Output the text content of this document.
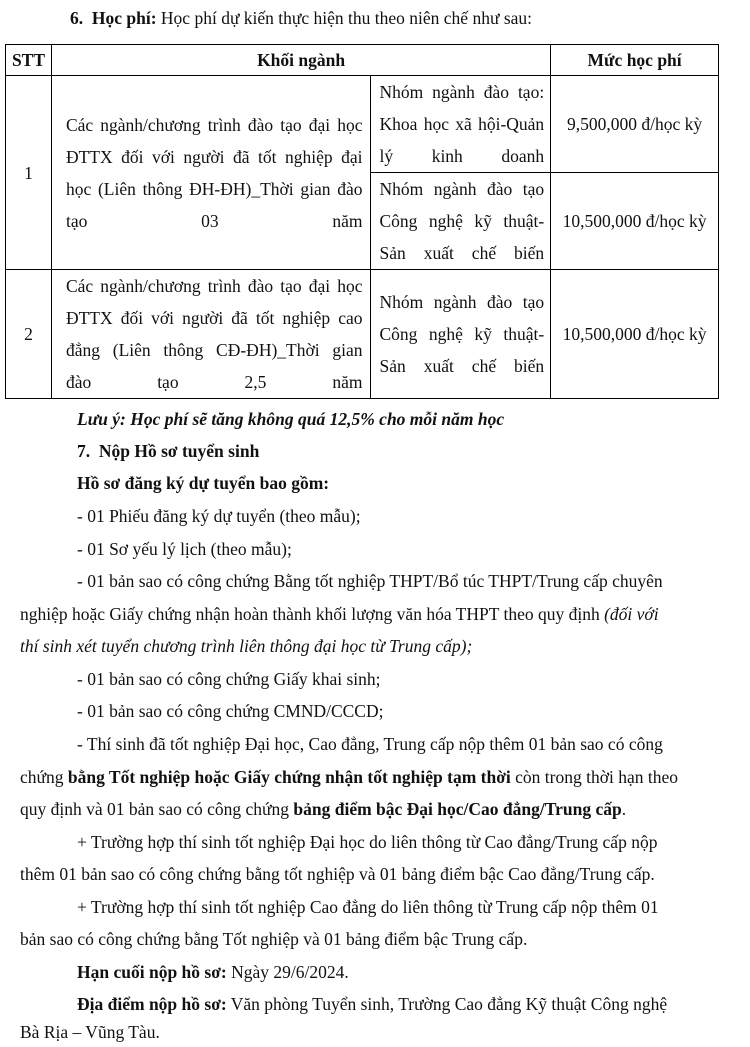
6. Học phí: Học phí dự kiến thực hiện thu theo niên chế như sau:
STT	Khối ngành		Mức học phí
1	Các ngành/chương trình đào tạo đại học
ĐTTX đối với người đã tốt nghiệp đại
học (Liên thông ĐH-ĐH)_Thời gian đào
tạo 03 năm	Nhóm ngành đào tạo:
Khoa học xã hội-Quản
lý kinh doanh	9,500,000 đ/học kỳ

		Nhóm ngành đào tạo
Công nghệ kỹ thuật-
Sản xuất chế biến	10,500,000 đ/học kỳ
2	Các ngành/chương trình đào tạo đại học
ĐTTX đối với người đã tốt nghiệp cao
đẳng (Liên thông CĐ-ĐH)_Thời gian
đào tạo 2,5 năm	Nhóm ngành đào tạo
Công nghệ kỹ thuật-
Sản xuất chế biến	10,500,000 đ/học kỳ
Lưu ý: Học phí sẽ tăng không quá 12,5% cho mỗi năm học
7. Nộp Hồ sơ tuyển sinh
Hồ sơ đăng ký dự tuyển bao gồm:
- 01 Phiếu đăng ký dự tuyển (theo mẫu);
- 01 Sơ yếu lý lịch (theo mẫu);
- 01 bản sao có công chứng Bằng tốt nghiệp THPT/Bổ túc THPT/Trung cấp chuyên
nghiệp hoặc Giấy chứng nhận hoàn thành khối lượng văn hóa THPT theo quy định (đối với
thí sinh xét tuyển chương trình liên thông đại học từ Trung cấp);
- 01 bản sao có công chứng Giấy khai sinh;
- 01 bản sao có công chứng CMND/CCCD;
- Thí sinh đã tốt nghiệp Đại học, Cao đẳng, Trung cấp nộp thêm 01 bản sao có công
chứng bằng Tốt nghiệp hoặc Giấy chứng nhận tốt nghiệp tạm thời còn trong thời hạn theo
quy định và 01 bản sao có công chứng bảng điểm bậc Đại học/Cao đẳng/Trung cấp.
+ Trường hợp thí sinh tốt nghiệp Đại học do liên thông từ Cao đẳng/Trung cấp nộp
thêm 01 bản sao có công chứng bằng tốt nghiệp và 01 bảng điểm bậc Cao đẳng/Trung cấp.
+ Trường hợp thí sinh tốt nghiệp Cao đẳng do liên thông từ Trung cấp nộp thêm 01
bản sao có công chứng bằng Tốt nghiệp và 01 bảng điểm bậc Trung cấp.
Hạn cuối nộp hồ sơ: Ngày 29/6/2024.
Địa điểm nộp hồ sơ: Văn phòng Tuyển sinh, Trường Cao đẳng Kỹ thuật Công nghệ
Bà Rịa – Vũng Tàu.
